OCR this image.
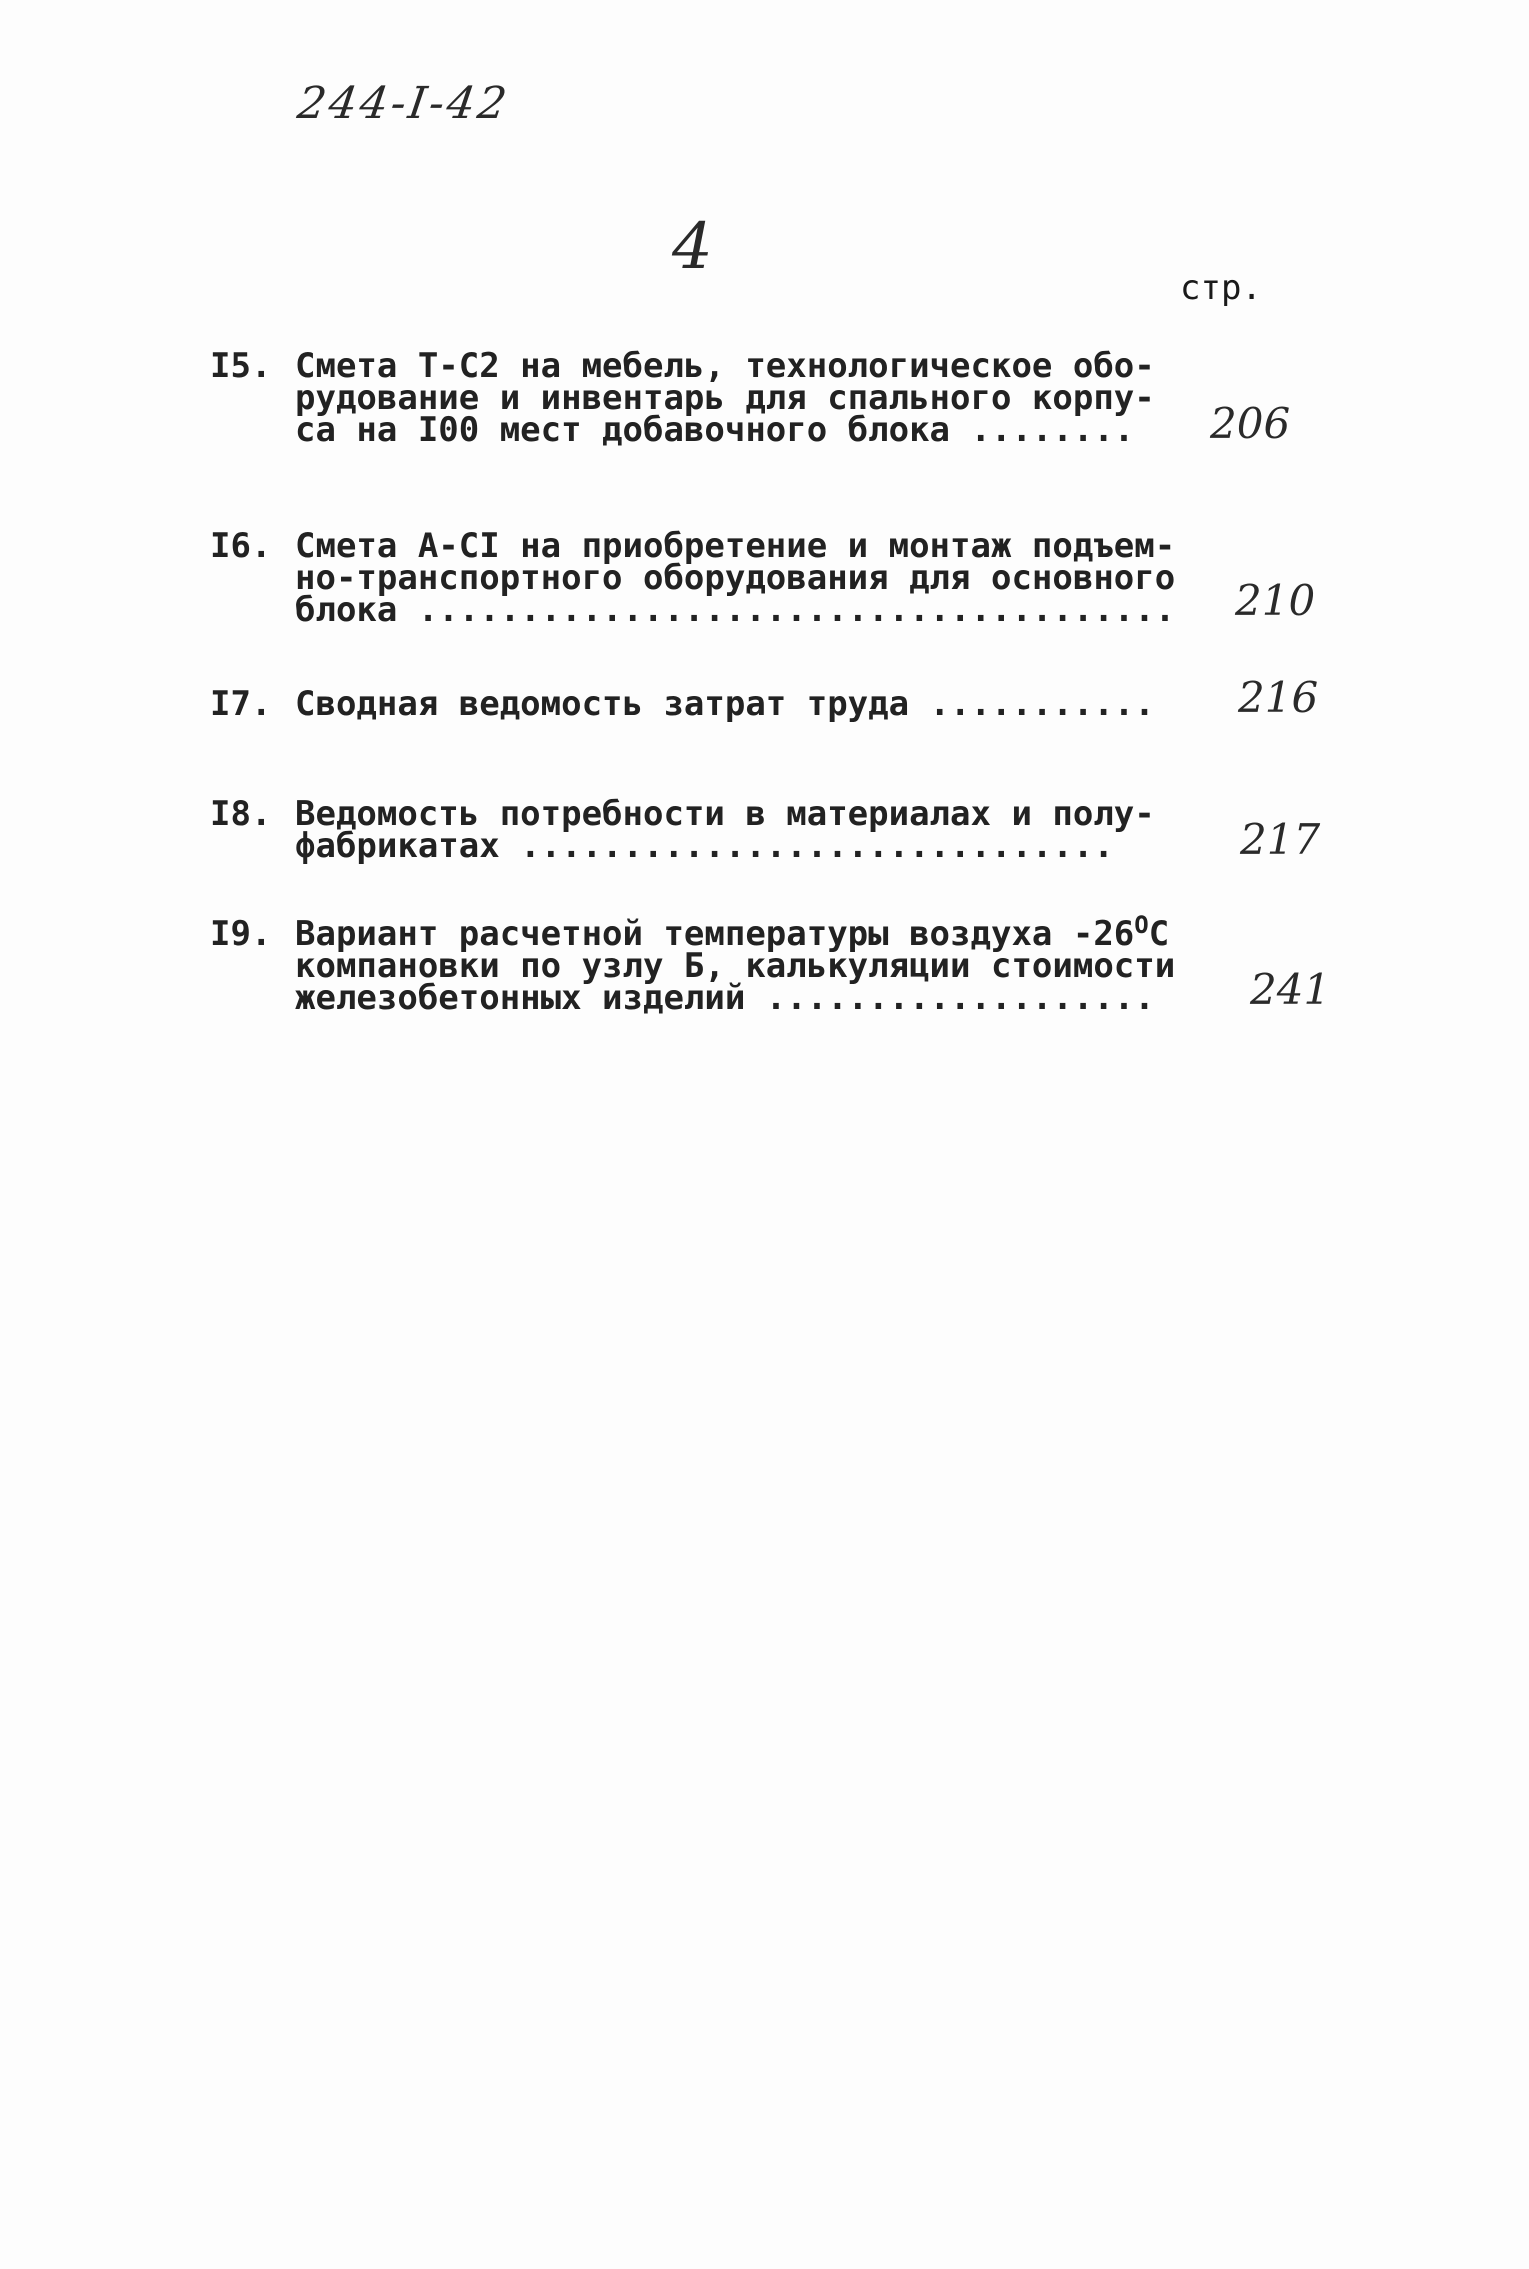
244-I-42
4
стр.
I5. Смета Т-С2 на мебель, технологическое обо-
рудование и инвентарь для спального корпу-
са на I00 мест добавочного блока ........	206
I6. Смета А-CI на приобретение и монтаж подъем-
но-транспортного оборудования для основного
блока .....................................	210
I7. Сводная ведомость затрат труда ...........	216
I8. Ведомость потребности в материалах и полу-
фабрикатах .............................	217
I9. Вариант расчетной температуры воздуха $-26^OC$
компановки по узлу Б, калькуляции стоимости
железобетонных изделий ...................	241
